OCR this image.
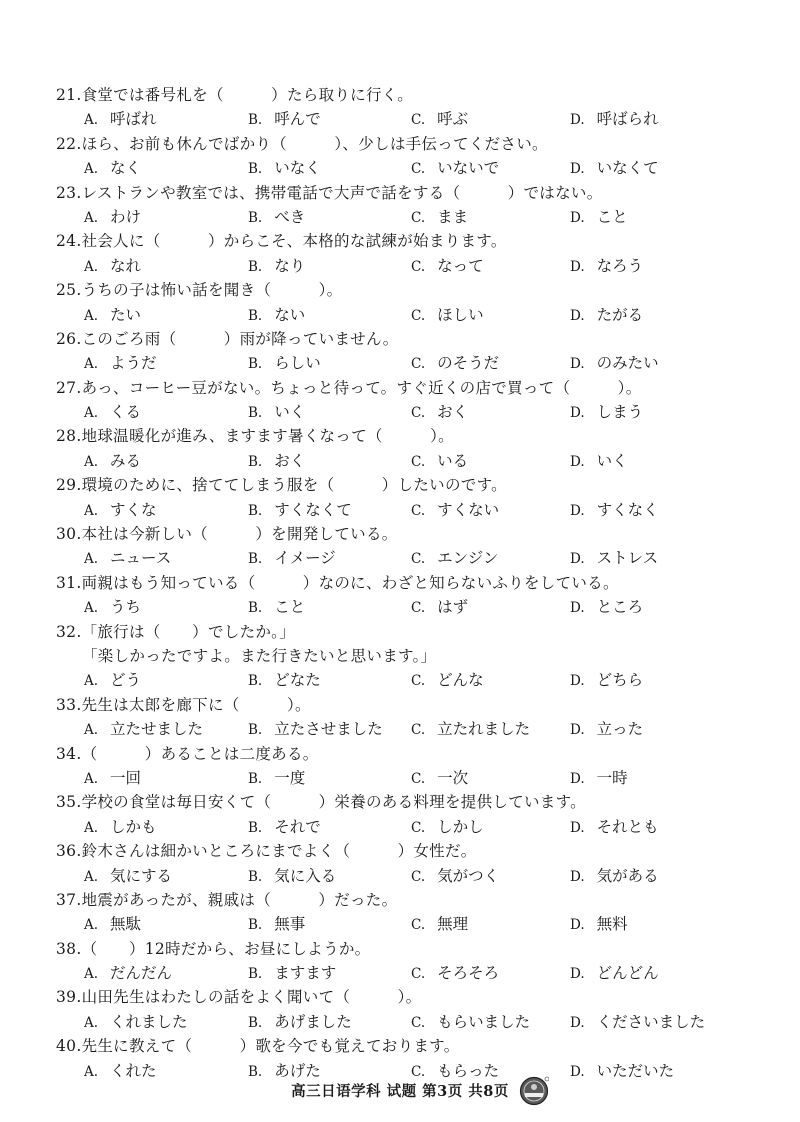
21.食堂では番号札を（　　　）たら取りに行く。
A. 呼ばれ	B. 呼んで	C. 呼ぶ	D. 呼ばられ
22.ほら、お前も休んでばかり（　　　）、少しは手伝ってください。
A. なく	B. いなく	C. いないで	D. いなくて
23.レストランや教室では、携帯電話で大声で話をする（　　　）ではない。
A. わけ	B. べき	C. まま	D. こと
24.社会人に（　　　）からこそ、本格的な試練が始まります。
A. なれ	B. なり	C. なって	D. なろう
25.うちの子は怖い話を聞き（　　　）。
A. たい	B. ない	C. ほしい	D. たがる
26.このごろ雨（　　　）雨が降っていません。
A. ようだ	B. らしい	C. のそうだ	D. のみたい
27.あっ、コーヒー豆がない。ちょっと待って。すぐ近くの店で買って（　　　）。
A. くる	B. いく	C. おく	D. しまう
28.地球温暖化が進み、ますます暑くなって（　　　）。
A. みる	B. おく	C. いる	D. いく
29.環境のために、捨ててしまう服を（　　　）したいのです。
A. すくな	B. すくなくて	C. すくない	D. すくなく
30.本社は今新しい（　　　）を開発している。
A. ニュース	B. イメージ	C. エンジン	D. ストレス
31.両親はもう知っている（　　　）なのに、わざと知らないふりをしている。
A. うち	B. こと	C. はず	D. ところ
32.「旅行は（　　）でしたか。」
「楽しかったですよ。また行きたいと思います。」
A. どう	B. どなた	C. どんな	D. どちら
33.先生は太郎を廊下に（　　　）。
A. 立たせました	B. 立たさせました C. 立たれました	D. 立った
34.（　　　）あることは二度ある。
A. 一回	B. 一度	C. 一次	D. 一時
35.学校の食堂は毎日安くて（　　　）栄養のある料理を提供しています。
A. しかも	B. それで	C. しかし	D. それとも
36.鈴木さんは細かいところにまでよく（　　　）女性だ。
A. 気にする	B. 気に入る	C. 気がつく	D. 気がある
37.地震があったが、親戚は（　　　）だった。
A. 無駄	B. 無事	C. 無理	D. 無料
38.（　　）12時だから、お昼にしようか。
A. だんだん	B. ますます	C. そろそろ	D. どんどん
39.山田先生はわたしの話をよく聞いて（　　　）。
A. くれました	B. あげました	C. もらいました	D. くださいました
40.先生に教えて（　　　）歌を今でも覚えております。
A. くれた	B. あげた	C. もらった	D. いただいた
高三日语学科 试题 第3页 共8页
